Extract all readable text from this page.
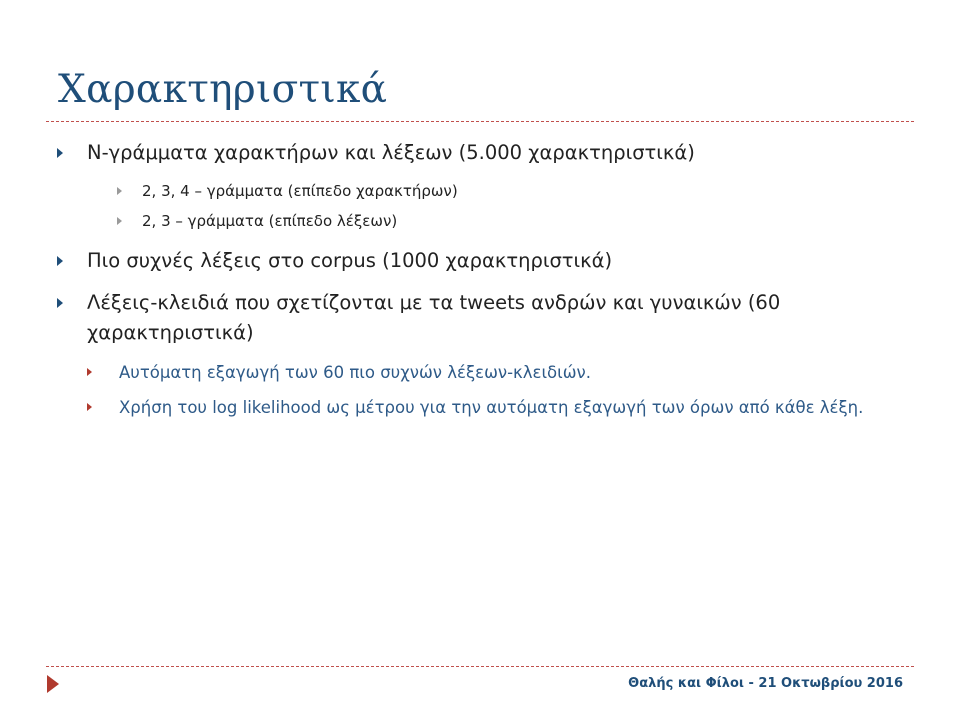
Χαρακτηριστικά
N-γράμματα χαρακτήρων και λέξεων (5.000 χαρακτηριστικά)
2, 3, 4 – γράμματα (επίπεδο χαρακτήρων)
2, 3 – γράμματα (επίπεδο λέξεων)
Πιο συχνές λέξεις στο corpus (1000 χαρακτηριστικά)
Λέξεις-κλειδιά που σχετίζονται με τα tweets ανδρών και γυναικών (60 χαρακτηριστικά)
Αυτόματη εξαγωγή των 60 πιο συχνών λέξεων-κλειδιών.
Χρήση του log likelihood ως μέτρου για την αυτόματη εξαγωγή των όρων από κάθε λέξη.
Θαλής και Φίλοι - 21 Οκτωβρίου 2016
